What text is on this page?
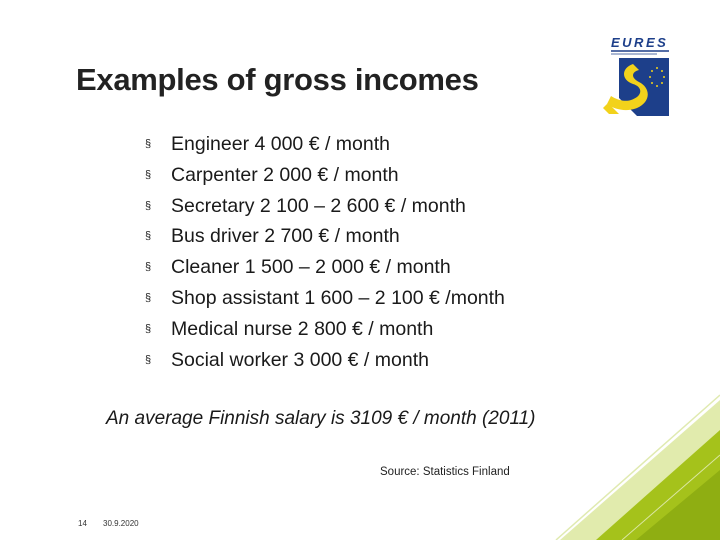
EURES
Examples of gross incomes
§	Engineer 4 000 € / month
§	Carpenter 2 000 € / month
§	Secretary 2 100 – 2 600 € / month
§	Bus driver 2 700 € / month
§	Cleaner 1 500 – 2 000 € / month
§	Shop assistant 1 600 – 2 100 € /month
§	Medical nurse 2 800 € / month
§	Social worker 3 000 € / month
An average Finnish salary is 3109 € / month (2011)
Source: Statistics Finland
14 30.9.2020
